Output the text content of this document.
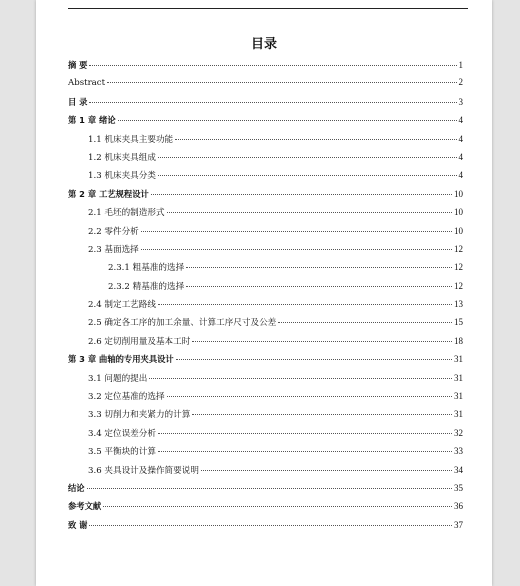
目录
摘 要	1
Abstract	2
目 录	3
第 1 章 绪论	4
1.1 机床夹具主要功能	4
1.2 机床夹具组成	4
1.3 机床夹具分类	4
第 2 章 工艺规程设计	10
2.1 毛坯的制造形式	10
2.2 零件分析	10
2.3 基面选择	12
2.3.1 粗基准的选择	12
2.3.2 精基准的选择	12
2.4 制定工艺路线	13
2.5 确定各工序的加工余量、计算工序尺寸及公差	15
2.6 定切削用量及基本工时	18
第 3 章 曲轴的专用夹具设计	31
3.1 问题的提出	31
3.2 定位基准的选择	31
3.3 切削力和夹紧力的计算	31
3.4 定位误差分析	32
3.5 平衡块的计算	33
3.6 夹具设计及操作简要说明	34
结论	35
参考文献	36
致 谢	37
